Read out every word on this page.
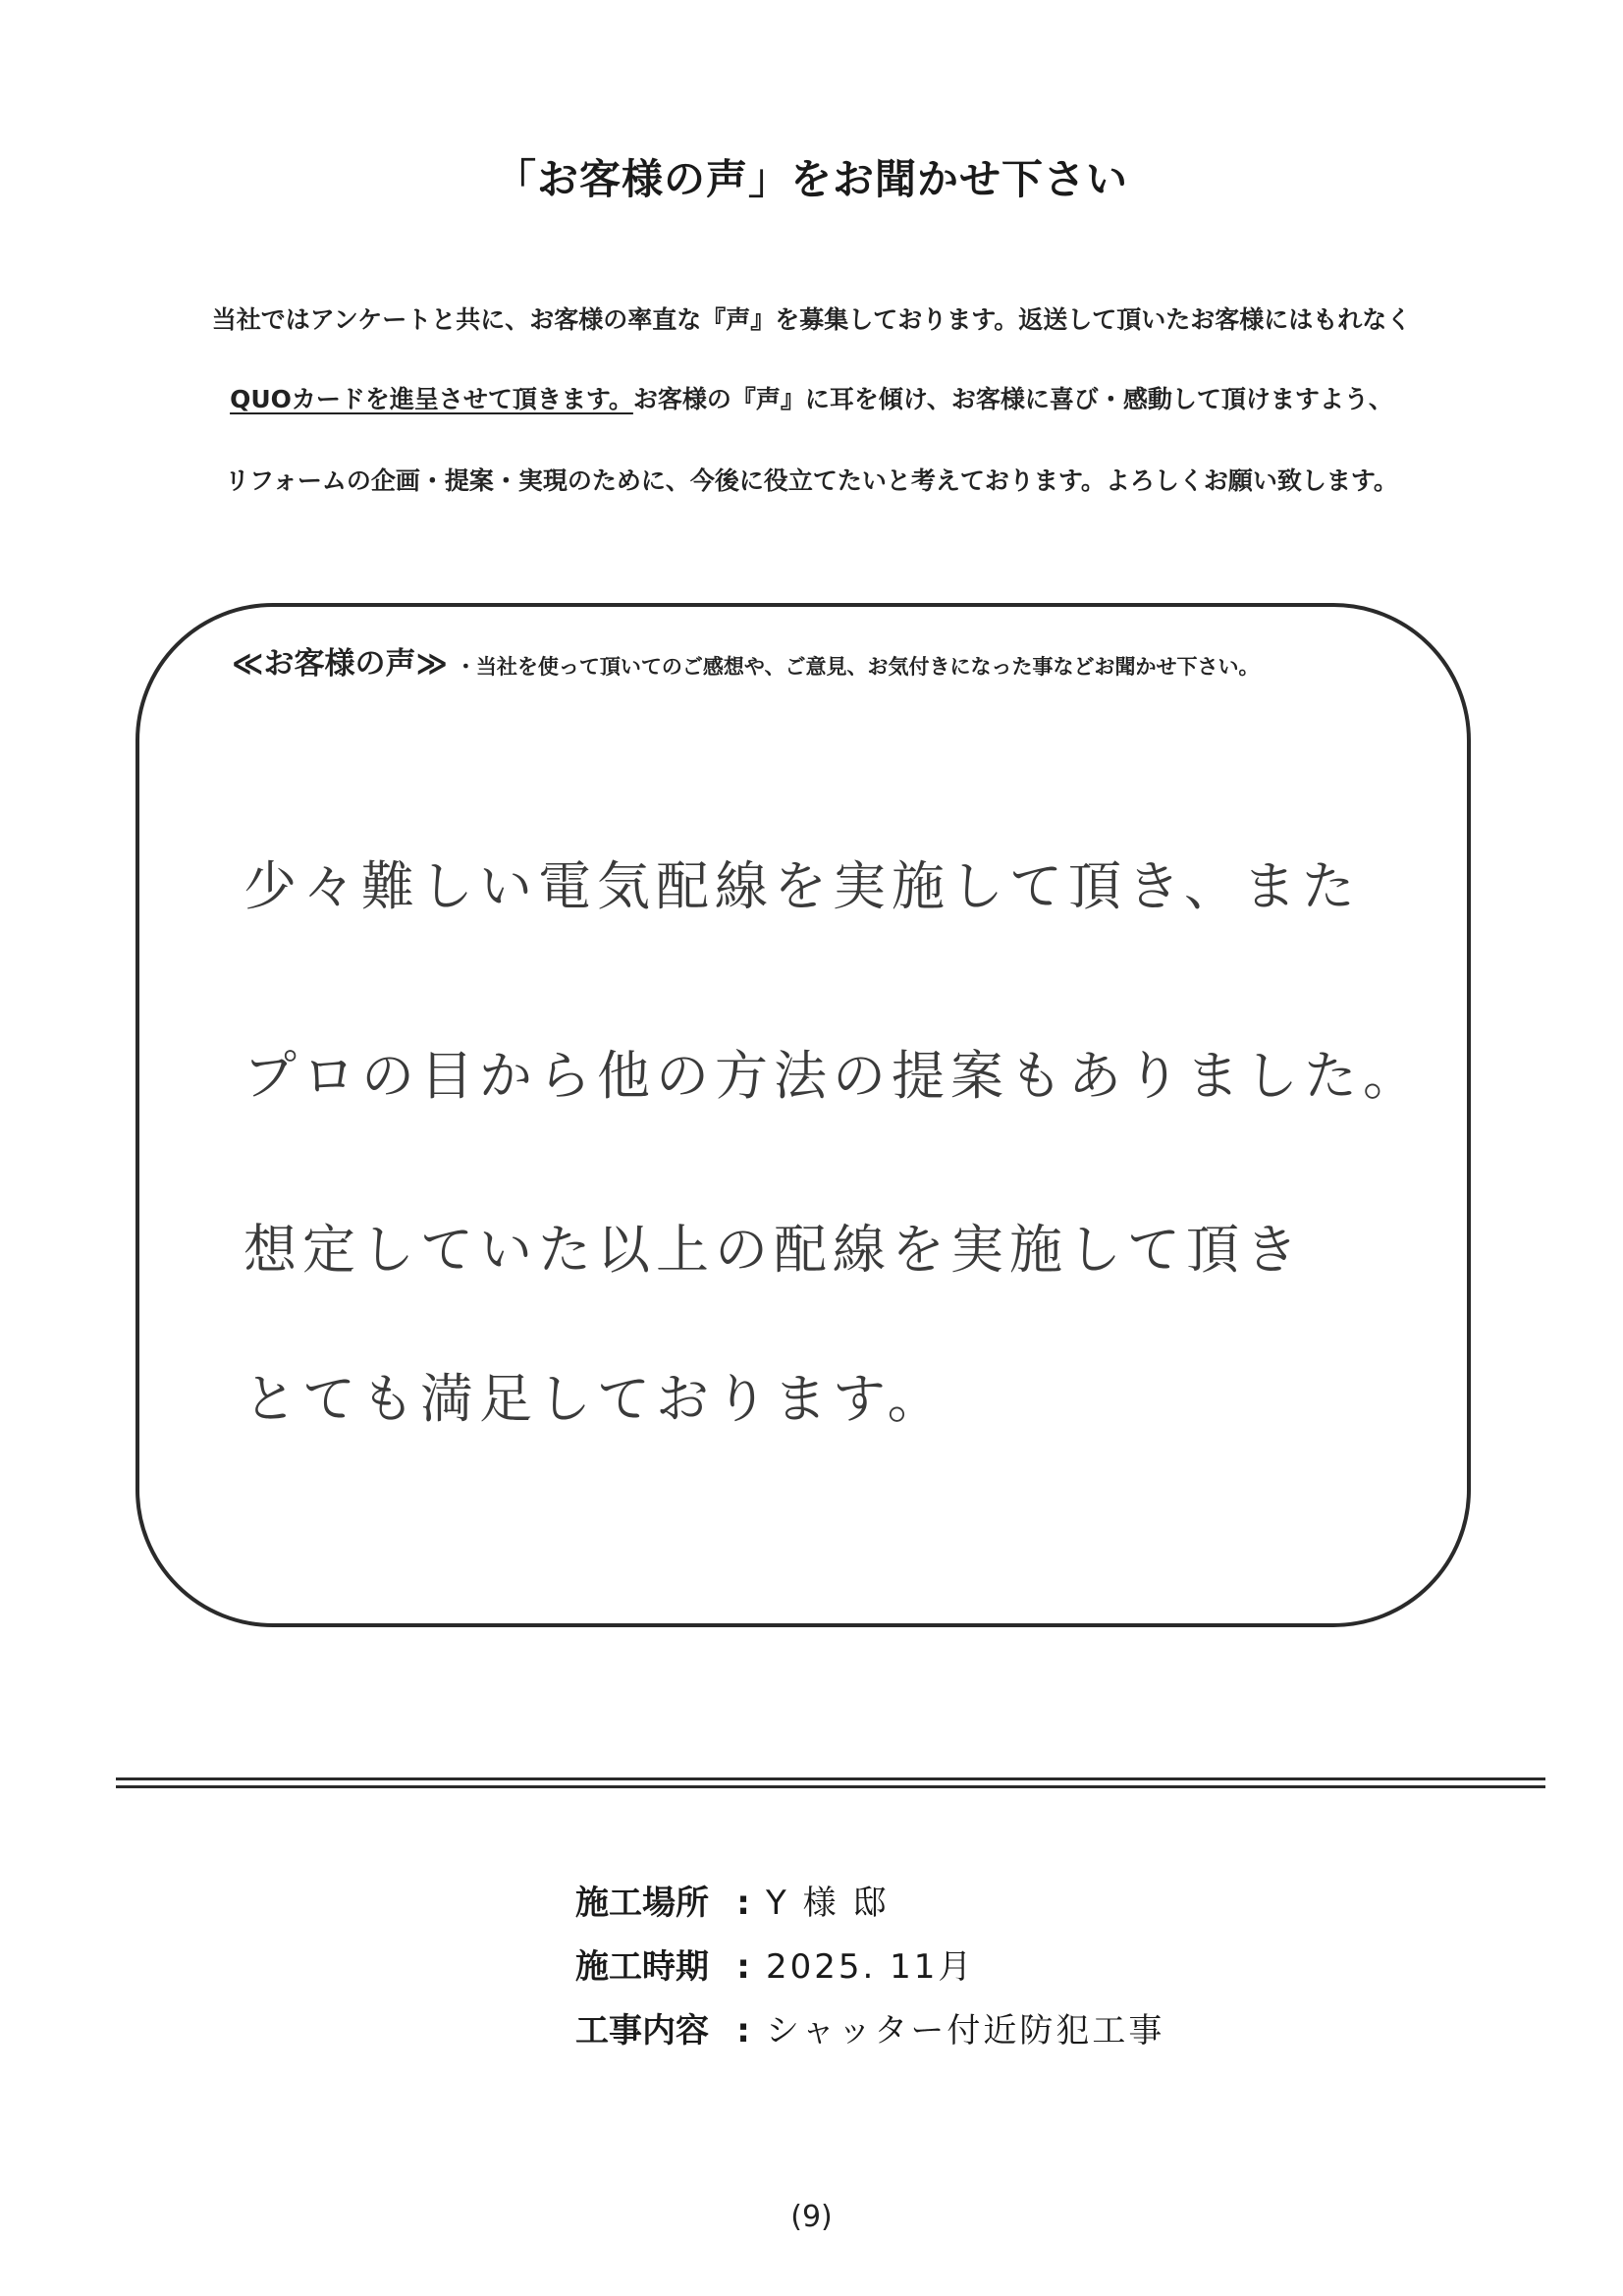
「お客様の声」をお聞かせ下さい
当社ではアンケートと共に、お客様の率直な『声』を募集しております。返送して頂いたお客様にはもれなく
QUOカードを進呈させて頂きます。お客様の『声』に耳を傾け、お客様に喜び・感動して頂けますよう、
リフォームの企画・提案・実現のために、今後に役立てたいと考えております。よろしくお願い致します。
≪お客様の声≫ ・当社を使って頂いてのご感想や、ご意見、お気付きになった事などお聞かせ下さい。
少々難しい電気配線を実施して頂き、また
プロの目から他の方法の提案もありました。
想定していた以上の配線を実施して頂き
とても満足しております。
施工場所 : Y 様 邸
施工時期 : 2025. 11月
工事内容 : シャッター付近防犯工事
(9)
